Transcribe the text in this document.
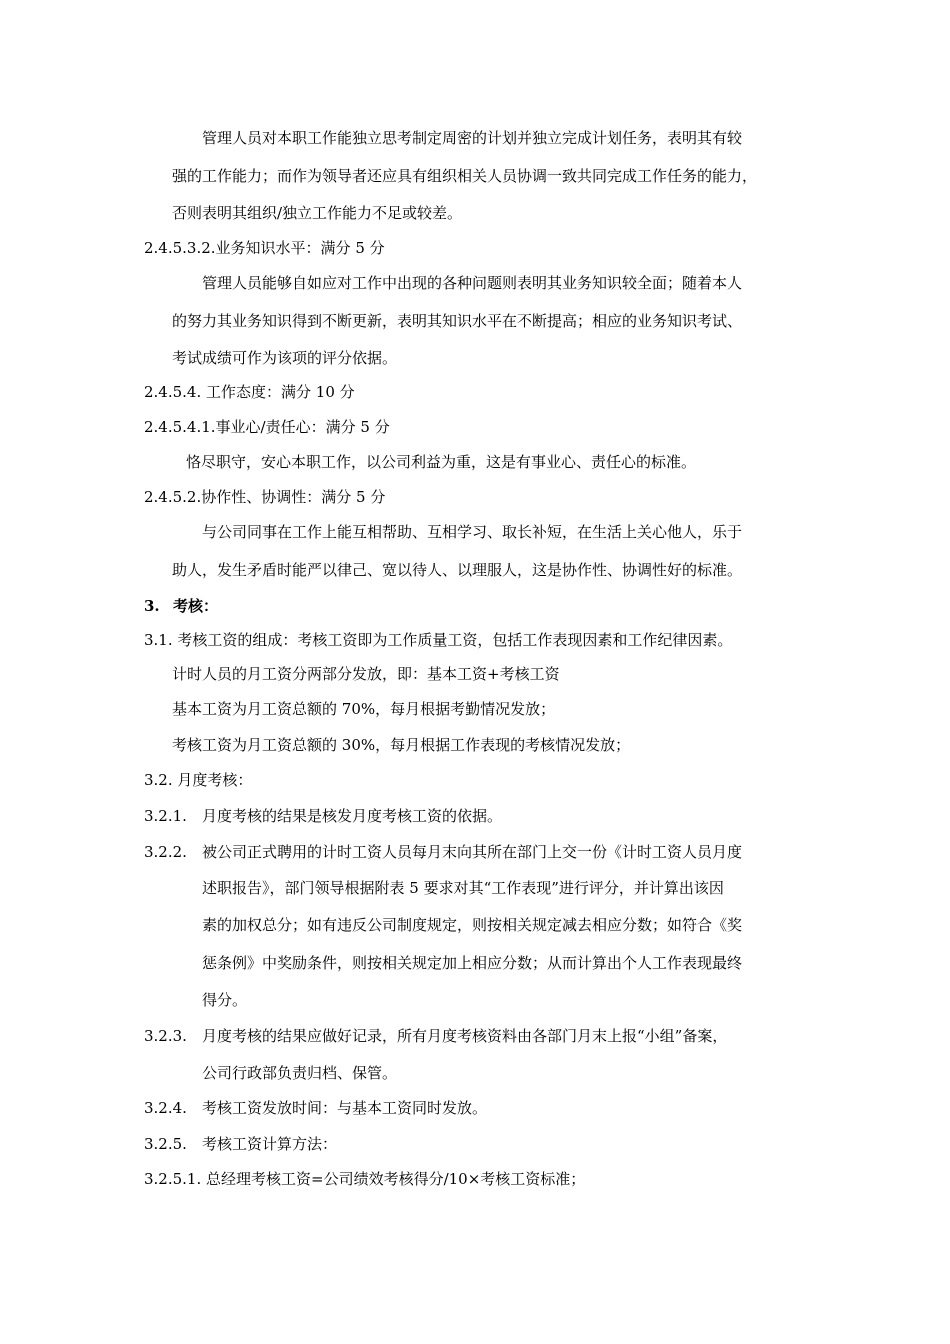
管理人员对本职工作能独立思考制定周密的计划并独立完成计划任务，表明其有较
强的工作能力；而作为领导者还应具有组织相关人员协调一致共同完成工作任务的能力，
否则表明其组织/独立工作能力不足或较差。
2.4.5.3.2.业务知识水平：满分 5 分
管理人员能够自如应对工作中出现的各种问题则表明其业务知识较全面；随着本人
的努力其业务知识得到不断更新，表明其知识水平在不断提高；相应的业务知识考试、
考试成绩可作为该项的评分依据。
2.4.5.4. 工作态度：满分 10 分
2.4.5.4.1.事业心/责任心：满分 5 分
恪尽职守，安心本职工作，以公司利益为重，这是有事业心、责任心的标准。
2.4.5.2.协作性、协调性：满分 5 分
与公司同事在工作上能互相帮助、互相学习、取长补短，在生活上关心他人，乐于
助人，发生矛盾时能严以律己、宽以待人、以理服人，这是协作性、协调性好的标准。
3. 考核：
3.1. 考核工资的组成：考核工资即为工作质量工资，包括工作表现因素和工作纪律因素。
计时人员的月工资分两部分发放，即：基本工资+考核工资
基本工资为月工资总额的 70%，每月根据考勤情况发放；
考核工资为月工资总额的 30%，每月根据工作表现的考核情况发放；
3.2. 月度考核：
3.2.1. 月度考核的结果是核发月度考核工资的依据。
3.2.2. 被公司正式聘用的计时工资人员每月末向其所在部门上交一份《计时工资人员月度
述职报告》，部门领导根据附表 5 要求对其“工作表现”进行评分，并计算出该因
素的加权总分；如有违反公司制度规定，则按相关规定减去相应分数；如符合《奖
惩条例》中奖励条件，则按相关规定加上相应分数；从而计算出个人工作表现最终
得分。
3.2.3. 月度考核的结果应做好记录，所有月度考核资料由各部门月末上报“小组”备案，
公司行政部负责归档、保管。
3.2.4. 考核工资发放时间：与基本工资同时发放。
3.2.5. 考核工资计算方法：
3.2.5.1. 总经理考核工资=公司绩效考核得分/10×考核工资标准；
